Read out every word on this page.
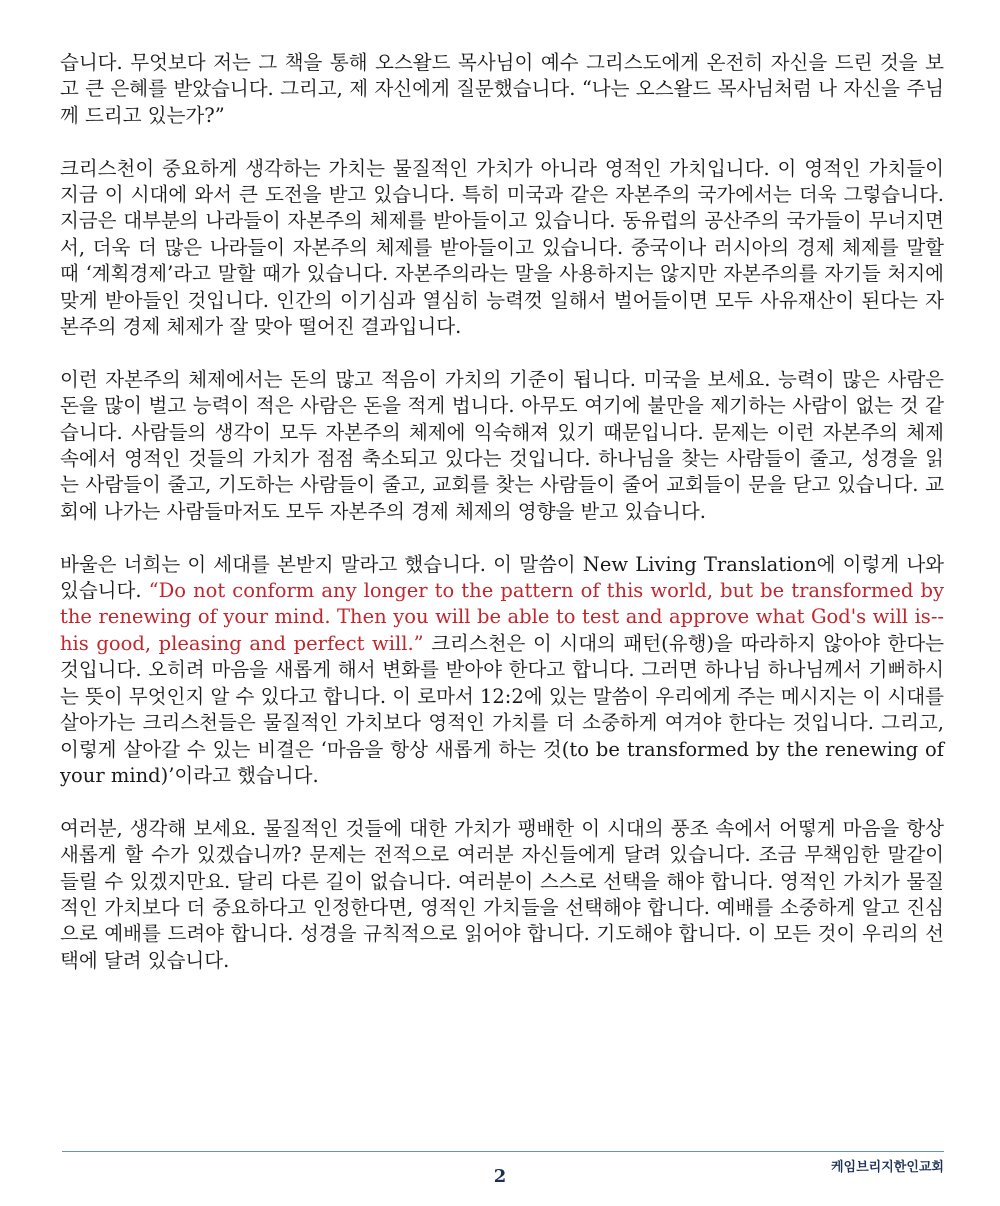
습니다. 무엇보다 저는 그 책을 통해 오스왈드 목사님이 예수 그리스도에게 온전히 자신을 드린 것을 보고 큰 은혜를 받았습니다. 그리고, 제 자신에게 질문했습니다. “나는 오스왈드 목사님처럼 나 자신을 주님께 드리고 있는가?”

크리스천이 중요하게 생각하는 가치는 물질적인 가치가 아니라 영적인 가치입니다. 이 영적인 가치들이 지금 이 시대에 와서 큰 도전을 받고 있습니다. 특히 미국과 같은 자본주의 국가에서는 더욱 그렇습니다. 지금은 대부분의 나라들이 자본주의 체제를 받아들이고 있습니다. 동유럽의 공산주의 국가들이 무너지면서, 더욱 더 많은 나라들이 자본주의 체제를 받아들이고 있습니다. 중국이나 러시아의 경제 체제를 말할 때 ‘계획경제’라고 말할 때가 있습니다. 자본주의라는 말을 사용하지는 않지만 자본주의를 자기들 처지에 맞게 받아들인 것입니다. 인간의 이기심과 열심히 능력껏 일해서 벌어들이면 모두 사유재산이 된다는 자본주의 경제 체제가 잘 맞아 떨어진 결과입니다.

이런 자본주의 체제에서는 돈의 많고 적음이 가치의 기준이 됩니다. 미국을 보세요. 능력이 많은 사람은 돈을 많이 벌고 능력이 적은 사람은 돈을 적게 법니다. 아무도 여기에 불만을 제기하는 사람이 없는 것 같습니다. 사람들의 생각이 모두 자본주의 체제에 익숙해져 있기 때문입니다. 문제는 이런 자본주의 체제 속에서 영적인 것들의 가치가 점점 축소되고 있다는 것입니다. 하나님을 찾는 사람들이 줄고, 성경을 읽는 사람들이 줄고, 기도하는 사람들이 줄고, 교회를 찾는 사람들이 줄어 교회들이 문을 닫고 있습니다. 교회에 나가는 사람들마저도 모두 자본주의 경제 체제의 영향을 받고 있습니다.

바울은 너희는 이 세대를 본받지 말라고 했습니다. 이 말씀이 New Living Translation에 이렇게 나와 있습니다. “Do not conform any longer to the pattern of this world, but be transformed by the renewing of your mind. Then you will be able to test and approve what God's will is--his good, pleasing and perfect will.” 크리스천은 이 시대의 패턴(유행)을 따라하지 않아야 한다는 것입니다. 오히려 마음을 새롭게 해서 변화를 받아야 한다고 합니다. 그러면 하나님 하나님께서 기뻐하시는 뜻이 무엇인지 알 수 있다고 합니다. 이 로마서 12:2에 있는 말씀이 우리에게 주는 메시지는 이 시대를 살아가는 크리스천들은 물질적인 가치보다 영적인 가치를 더 소중하게 여겨야 한다는 것입니다. 그리고, 이렇게 살아갈 수 있는 비결은 ‘마음을 항상 새롭게 하는 것(to be transformed by the renewing of your mind)’이라고 했습니다.

여러분, 생각해 보세요. 물질적인 것들에 대한 가치가 팽배한 이 시대의 풍조 속에서 어떻게 마음을 항상 새롭게 할 수가 있겠습니까? 문제는 전적으로 여러분 자신들에게 달려 있습니다. 조금 무책임한 말같이 들릴 수 있겠지만요. 달리 다른 길이 없습니다. 여러분이 스스로 선택을 해야 합니다. 영적인 가치가 물질적인 가치보다 더 중요하다고 인정한다면, 영적인 가치들을 선택해야 합니다. 예배를 소중하게 알고 진심으로 예배를 드려야 합니다. 성경을 규칙적으로 읽어야 합니다. 기도해야 합니다. 이 모든 것이 우리의 선택에 달려 있습니다.

케임브리지한인교회
2
